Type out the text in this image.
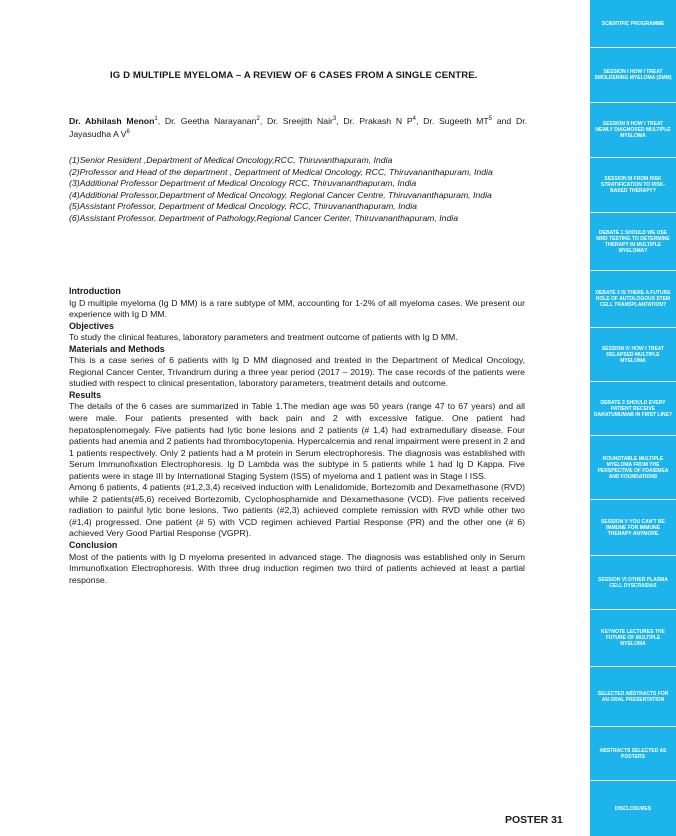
IG D MULTIPLE MYELOMA – A REVIEW OF 6 CASES FROM A SINGLE CENTRE.
Dr. Abhilash Menon$^1$, Dr. Geetha Narayanan$^2$, Dr. Sreejith Nair$^3$, Dr. Prakash N $P^4$, Dr. Sugeeth $MT^5$ and Dr. Jayasudha A $V^6$

(1)Senior Resident ,Department of Medical Oncology,RCC, Thiruvanthapuram, India

(2)Professor and Head of the department , Department of Medical Oncology, RCC, Thiruvananthapuram, India

(3)Additional Professor Department of Medical Oncology RCC, Thiruvananthapuram, India

(4)Additional Professor,Department of Medical Oncology, Regional Cancer Centre, Thiruvananthapuram, India

(5)Assistant Professor, Department of Medical Oncology, RCC, Thiruvananthapuram, India

(6)Assistant Professor, Department of Pathology,Regional Cancer Center, Thiruvananthapuram, India

Introduction

Ig D multiple myeloma (Ig D MM) is a rare subtype of MM, accounting for 1-2% of all myeloma cases. We present our experience with Ig D MM.

Objectives

To study the clinical features, laboratory parameters and treatment outcome of patients with Ig D MM.

Materials and Methods

This is a case series of 6 patients with Ig D MM diagnosed and treated in the Department of Medical Oncology, Regional Cancer Center, Trivandrum during a three year period (2017 – 2019). The case records of the patients were studied with respect to clinical presentation, laboratory parameters, treatment details and outcome.

Results

The details of the 6 cases are summarized in Table 1.The median age was 50 years (range 47 to 67 years) and all were male. Four patients presented with back pain and 2 with excessive fatigue. One patient had hepatosplenomegaly. Five patients had lytic bone lesions and 2 patients (# 1,4) had extramedullary disease. Four patients had anemia and 2 patients had thrombocytopenia. Hypercalcemia and renal impairment were present in 2 and 1 patients respectively. Only 2 patients had a M protein in Serum electrophoresis. The diagnosis was established with Serum Immunofixation Electrophoresis. Ig D Lambda was the subtype in 5 patients while 1 had Ig D Kappa. Five patients were in stage III by International Staging System (ISS) of myeloma and 1 patient was in Stage I ISS.

Among 6 patients, 4 patients (#1,2,3,4) received induction with Lenalidomide, Bortezomib and Dexamethasone (RVD) while 2 patients(#5,6) received Bortezomib, Cyclophosphamide and Dexamethasone (VCD). Five patients received radiation to painful lytic bone lesions. Two patients (#2,3) achieved complete remission with RVD while other two (#1,4) progressed. One patient (# 5) with VCD regimen achieved Partial Response (PR) and the other one (# 6) achieved Very Good Partial Response (VGPR).

Conclusion

Most of the patients with Ig D myeloma presented in advanced stage. The diagnosis was established only in Serum Immunofixation Electrophoresis. With three drug induction regimen two third of patients achieved at least a partial response.

POSTER 31
SCIENTIFIC PROGRAMME
SESSION I HOW I TREAT SMOLDERING MYELOMA (SMM)
SESSION II HOW I TREAT NEWLY DIAGNOSED MULTIPLE MYELOMA
SESSION III FROM RISK STRATIFICATION TO RISK-BASED THERAPY?
DEBATE 1 SHOULD WE USE MRD TESTING TO DETERMINE THERAPY IN MULTIPLE MYELOMA?
DEBATE 2 IS THERE A FUTURE ROLE OF AUTOLOGOUS STEM CELL TRANSPLANTATION?
SESSION IV HOW I TREAT RELAPSED MULTIPLE MYELOMA
DEBATE 3 SHOULD EVERY PATIENT RECEIVE DARATUMUMAB IN FIRST LINE?
ROUNDTABLE MULTIPLE MYELOMA FROM THE PERSPECTIVE OF FDA/EMEA AND FOUNDATIONS
SESSION V YOU CAN'T BE IMMUNE FOR IMMUNE THERAPY ANYMORE
SESSION VI OTHER PLASMA CELL DYSCRASIAS
KEYNOTE LECTURES THE FUTURE OF MULTIPLE MYELOMA
SELECTED ABSTRACTS FOR AN ORAL PRESENTATION
ABSTRACTS SELECTED AS POSTERS
DISCLOSURES
